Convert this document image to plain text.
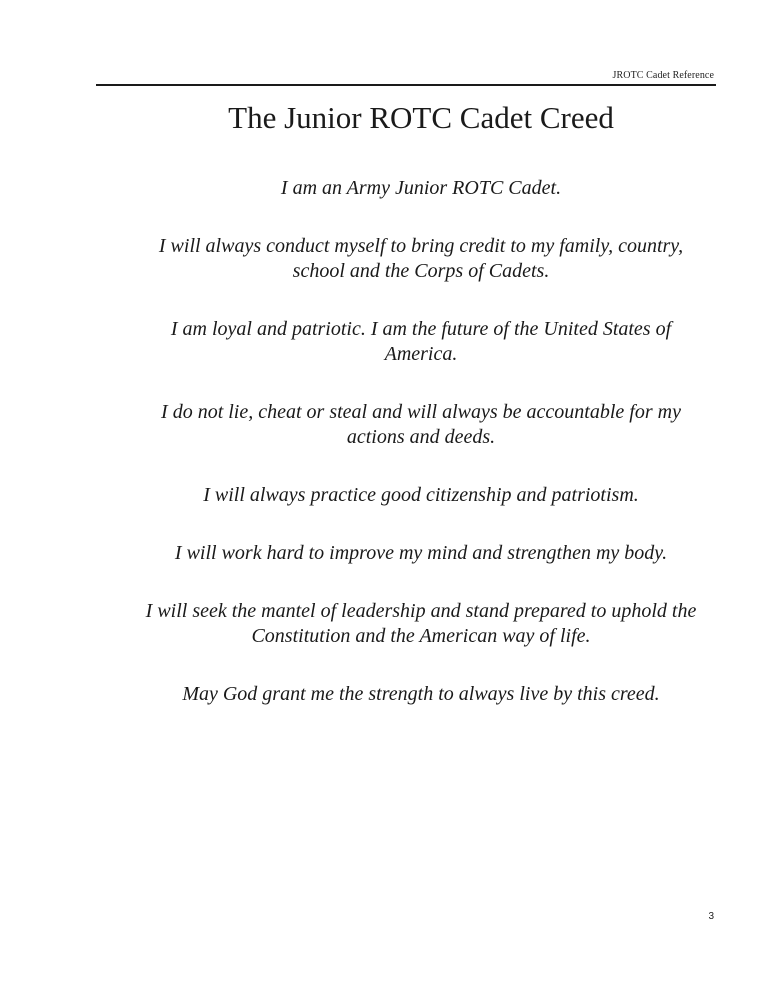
JROTC Cadet Reference
The Junior ROTC Cadet Creed
I am an Army Junior ROTC Cadet.
I will always conduct myself to bring credit to my family, country, school and the Corps of Cadets.
I am loyal and patriotic. I am the future of the United States of America.
I do not lie, cheat or steal and will always be accountable for my actions and deeds.
I will always practice good citizenship and patriotism.
I will work hard to improve my mind and strengthen my body.
I will seek the mantel of leadership and stand prepared to uphold the Constitution and the American way of life.
May God grant me the strength to always live by this creed.
3
